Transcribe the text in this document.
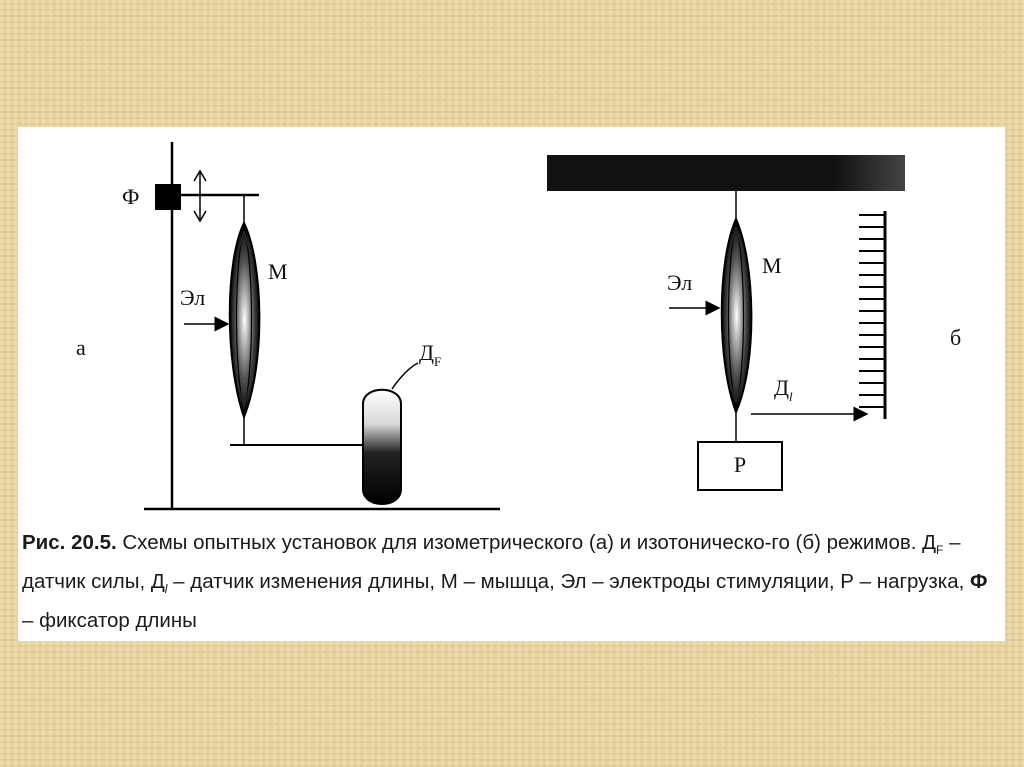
а
Ф
М
Эл
$Д_F$
М
Эл
Р
$Д_l$
б

Рис. 20.5. Схемы опытных установок для изометрического (а) и изотоническо-го (б) режимов. $Д_F$ – датчик силы, $Д_l$ – датчик изменения длины, М – мышца, Эл – электроды стимуляции, Р – нагрузка, Ф – фиксатор длины
